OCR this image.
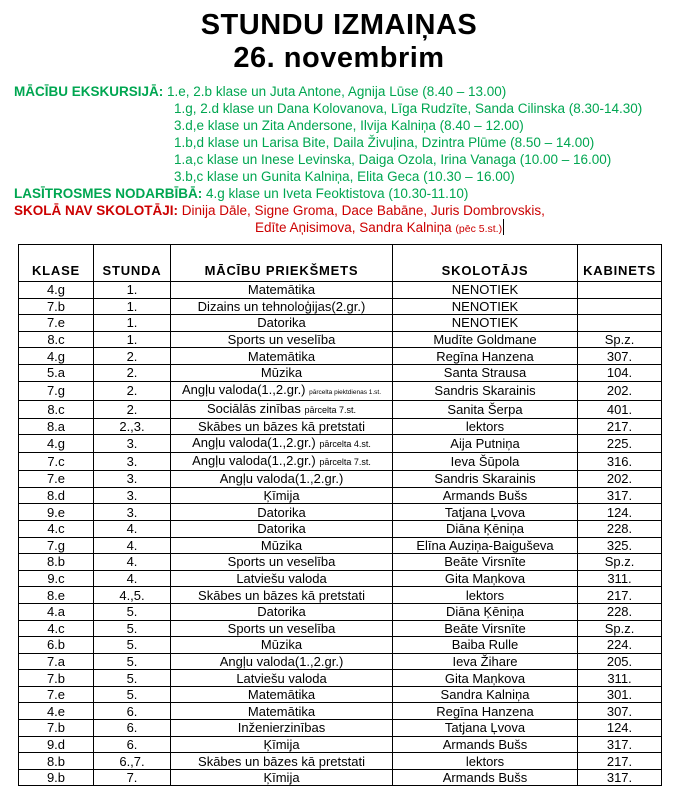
STUNDU IZMAIŅAS
26. novembrim
MĀCĪBU EKSKURSIJĀ: 1.e, 2.b klase un Juta Antone, Agnija Lūse (8.40 – 13.00)
1.g, 2.d klase un Dana Kolovanova, Līga Rudzīte, Sanda Cilinska (8.30-14.30)
3.d,e klase un Zita Andersone, Ilvija Kalniņa (8.40 – 12.00)
1.b,d klase un Larisa Bite, Daila Živuļina, Dzintra Plūme (8.50 – 14.00)
1.a,c klase un Inese Levinska, Daiga Ozola, Irina Vanaga (10.00 – 16.00)
3.b,c klase un Gunita Kalniņa, Elita Geca (10.30 – 16.00)
LASĪTROSMES NODARBĪBĀ: 4.g klase un Iveta Feoktistova (10.30-11.10)
SKOLĀ NAV SKOLOTĀJI: Dinija Dāle, Signe Groma, Dace Babāne, Juris Dombrovskis,
Edīte Aņisimova, Sandra Kalniņa (pēc 5.st.)
KLASE	STUNDA	MĀCĪBU PRIEKŠMETS	SKOLOTĀJS	KABINETS
4.g	1.	Matemātika	NENOTIEK	
7.b	1.	Dizains un tehnoloģijas(2.gr.)	NENOTIEK	
7.e	1.	Datorika	NENOTIEK	
8.c	1.	Sports un veselība	Mudīte Goldmane	Sp.z.
4.g	2.	Matemātika	Regīna Hanzena	307.
5.a	2.	Mūzika	Santa Strausa	104.
7.g	2.	Angļu valoda(1.,2.gr.) pārcelta piektdienas 1.st.	Sandris Skarainis	202.
8.c	2.	Sociālās zinības pārcelta 7.st.	Sanita Šerpa	401.
8.a	2.,3.	Skābes un bāzes kā pretstati	lektors	217.
4.g	3.	Angļu valoda(1.,2.gr.) pārcelta 4.st.	Aija Putniņa	225.
7.c	3.	Angļu valoda(1.,2.gr.) pārcelta 7.st.	Ieva Šūpola	316.
7.e	3.	Angļu valoda(1.,2.gr.)	Sandris Skarainis	202.
8.d	3.	Ķīmija	Armands Bušs	317.
9.e	3.	Datorika	Tatjana Ļvova	124.
4.c	4.	Datorika	Diāna Ķēniņa	228.
7.g	4.	Mūzika	Elīna Auziņa-Baiguševa	325.
8.b	4.	Sports un veselība	Beāte Virsnīte	Sp.z.
9.c	4.	Latviešu valoda	Gita Maņkova	311.
8.e	4.,5.	Skābes un bāzes kā pretstati	lektors	217.
4.a	5.	Datorika	Diāna Ķēniņa	228.
4.c	5.	Sports un veselība	Beāte Virsnīte	Sp.z.
6.b	5.	Mūzika	Baiba Rulle	224.
7.a	5.	Angļu valoda(1.,2.gr.)	Ieva Žihare	205.
7.b	5.	Latviešu valoda	Gita Maņkova	311.
7.e	5.	Matemātika	Sandra Kalniņa	301.
4.e	6.	Matemātika	Regīna Hanzena	307.
7.b	6.	Inženierzinības	Tatjana Ļvova	124.
9.d	6.	Ķīmija	Armands Bušs	317.
8.b	6.,7.	Skābes un bāzes kā pretstati	lektors	217.
9.b	7.	Ķīmija	Armands Bušs	317.
